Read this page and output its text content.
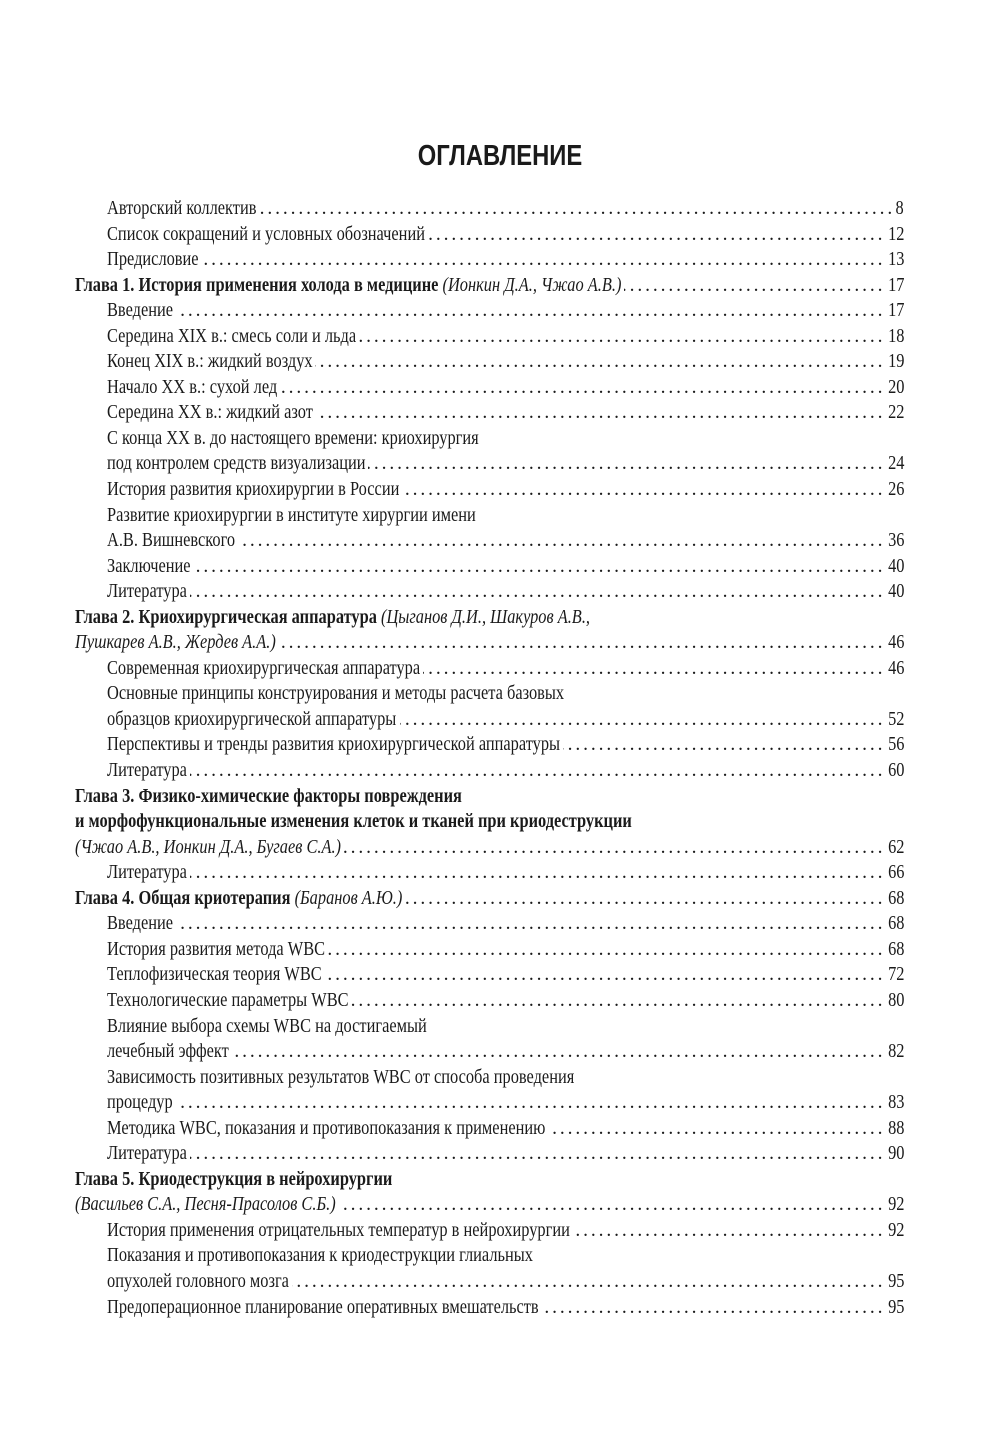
ОГЛАВЛЕНИЕ
Авторский коллектив . . .	8
Список сокращений и условных обозначений . . .	12
Предисловие . . .	13
Глава 1. История применения холода в медицине (Ионкин Д.А., Чжао А.В.) . . .	17
Введение . . .	17
Середина XIX в.: смесь соли и льда . . .	18
Конец XIX в.: жидкий воздух . . .	19
Начало XX в.: сухой лед . . .	20
Середина XX в.: жидкий азот . . .	22
С конца XX в. до настоящего времени: криохирургия
под контролем средств визуализации . . .	24
История развития криохирургии в России . . .	26
Развитие криохирургии в институте хирургии имени
А.В. Вишневского . . .	36
Заключение . . .	40
Литература . . .	40
Глава 2. Криохирургическая аппаратура (Цыганов Д.И., Шакуров А.В.,
Пушкарев А.В., Жердев А.А.) . . .	46
Современная криохирургическая аппаратура . . .	46
Основные принципы конструирования и методы расчета базовых
образцов криохирургической аппаратуры . . .	52
Перспективы и тренды развития криохирургической аппаратуры . . .	56
Литература . . .	60
Глава 3. Физико-химические факторы повреждения
и морфофункциональные изменения клеток и тканей при криодеструкции
(Чжао А.В., Ионкин Д.А., Бугаев С.А.) . . .	62
Литература . . .	66
Глава 4. Общая криотерапия (Баранов А.Ю.) . . .	68
Введение . . .	68
История развития метода WBC . . .	68
Теплофизическая теория WBC . . .	72
Технологические параметры WBC . . .	80
Влияние выбора схемы WBC на достигаемый
лечебный эффект . . .	82
Зависимость позитивных результатов WBC от способа проведения
процедур . . .	83
Методика WBC, показания и противопоказания к применению . . .	88
Литература . . .	90
Глава 5. Криодеструкция в нейрохирургии
(Васильев С.А., Песня-Прасолов С.Б.) . . .	92
История применения отрицательных температур в нейрохирургии . . .	92
Показания и противопоказания к криодеструкции глиальных
опухолей головного мозга . . .	95
Предоперационное планирование оперативных вмешательств . . .	95
